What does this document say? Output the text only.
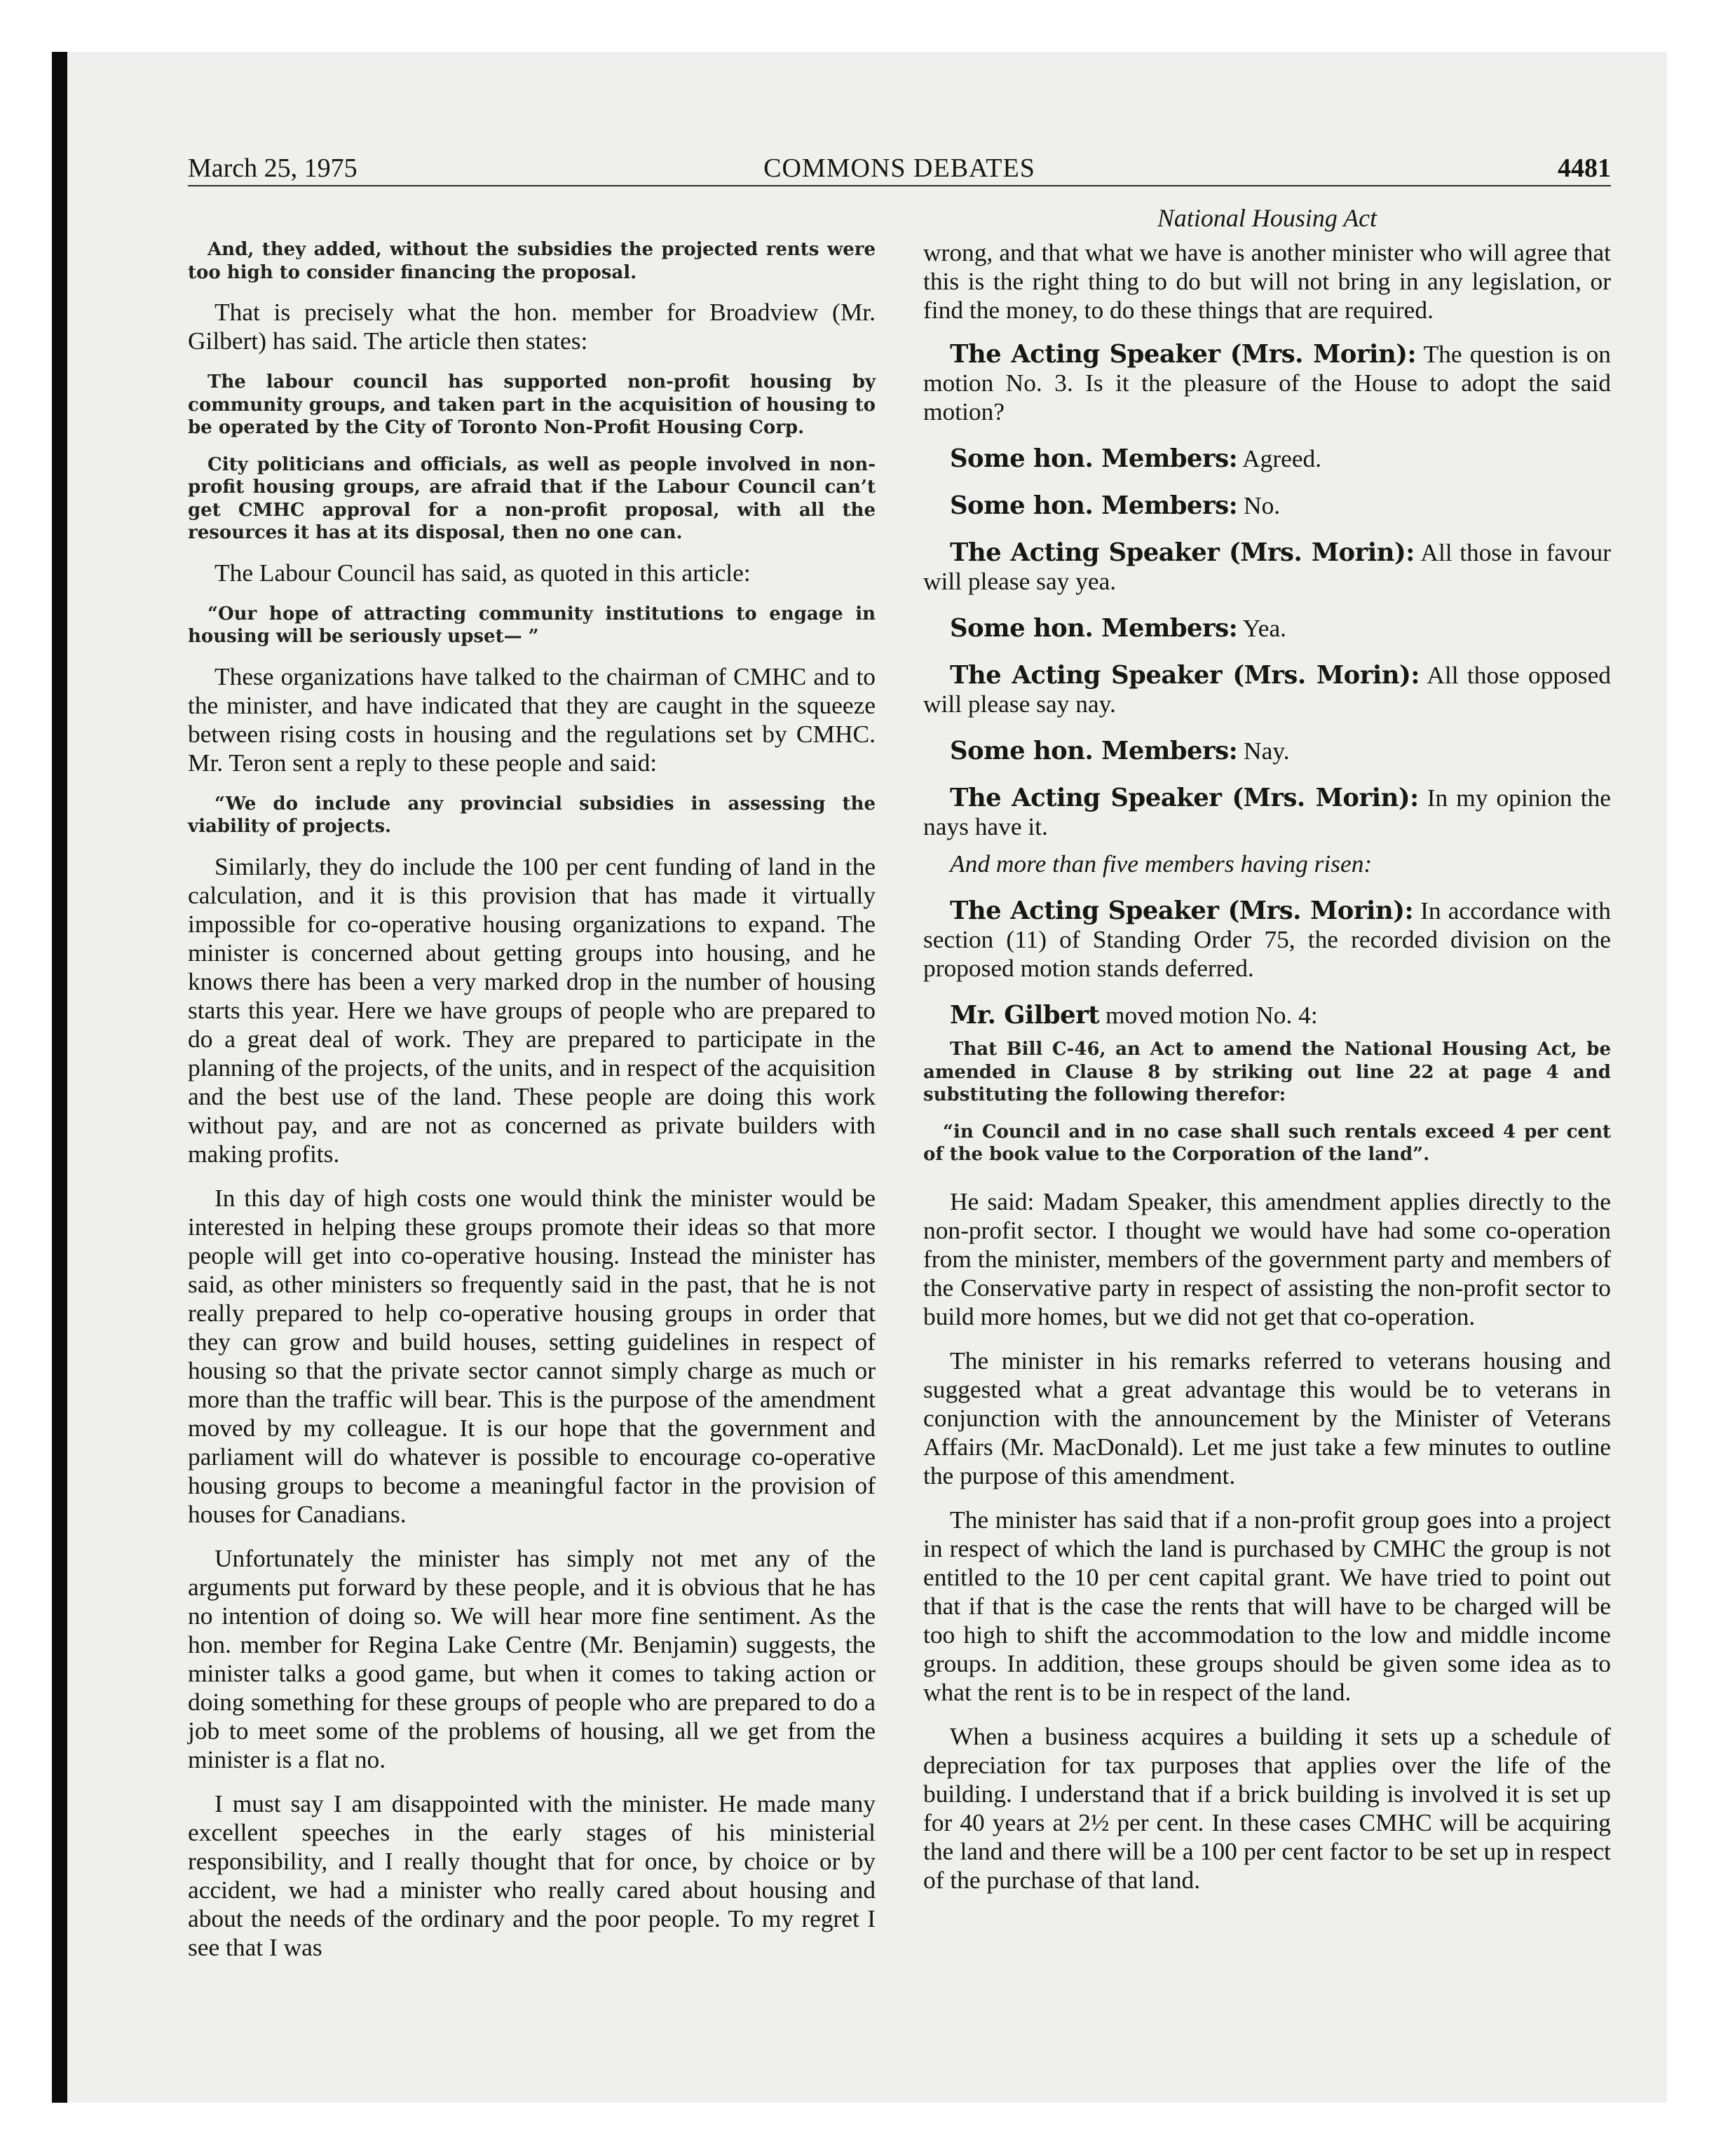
March 25, 1975	COMMONS DEBATES	4481
National Housing Act

And, they added, without the subsidies the projected rents were too high to consider financing the proposal.

That is precisely what the hon. member for Broadview (Mr. Gilbert) has said. The article then states:

The labour council has supported non-profit housing by community groups, and taken part in the acquisition of housing to be operated by the City of Toronto Non-Profit Housing Corp.

City politicians and officials, as well as people involved in non-profit housing groups, are afraid that if the Labour Council can’t get CMHC approval for a non-profit proposal, with all the resources it has at its disposal, then no one can.

The Labour Council has said, as quoted in this article:

“Our hope of attracting community institutions to engage in housing will be seriously upset— ”

These organizations have talked to the chairman of CMHC and to the minister, and have indicated that they are caught in the squeeze between rising costs in housing and the regulations set by CMHC. Mr. Teron sent a reply to these people and said:

“We do include any provincial subsidies in assessing the viability of projects.

Similarly, they do include the 100 per cent funding of land in the calculation, and it is this provision that has made it virtually impossible for co-operative housing organizations to expand. The minister is concerned about getting groups into housing, and he knows there has been a very marked drop in the number of housing starts this year. Here we have groups of people who are prepared to do a great deal of work. They are prepared to participate in the planning of the projects, of the units, and in respect of the acquisition and the best use of the land. These people are doing this work without pay, and are not as concerned as private builders with making profits.

In this day of high costs one would think the minister would be interested in helping these groups promote their ideas so that more people will get into co-operative housing. Instead the minister has said, as other ministers so frequently said in the past, that he is not really prepared to help co-operative housing groups in order that they can grow and build houses, setting guidelines in respect of housing so that the private sector cannot simply charge as much or more than the traffic will bear. This is the purpose of the amendment moved by my colleague. It is our hope that the government and parliament will do whatever is possible to encourage co-operative housing groups to become a meaningful factor in the provision of houses for Canadians.

Unfortunately the minister has simply not met any of the arguments put forward by these people, and it is obvious that he has no intention of doing so. We will hear more fine sentiment. As the hon. member for Regina Lake Centre (Mr. Benjamin) suggests, the minister talks a good game, but when it comes to taking action or doing something for these groups of people who are prepared to do a job to meet some of the problems of housing, all we get from the minister is a flat no.

I must say I am disappointed with the minister. He made many excellent speeches in the early stages of his ministerial responsibility, and I really thought that for once, by choice or by accident, we had a minister who really cared about housing and about the needs of the ordinary and the poor people. To my regret I see that I was

wrong, and that what we have is another minister who will agree that this is the right thing to do but will not bring in any legislation, or find the money, to do these things that are required.

The Acting Speaker (Mrs. Morin): The question is on motion No. 3. Is it the pleasure of the House to adopt the said motion?

Some hon. Members: Agreed.

Some hon. Members: No.

The Acting Speaker (Mrs. Morin): All those in favour will please say yea.

Some hon. Members: Yea.

The Acting Speaker (Mrs. Morin): All those opposed will please say nay.

Some hon. Members: Nay.

The Acting Speaker (Mrs. Morin): In my opinion the nays have it.

And more than five members having risen:

The Acting Speaker (Mrs. Morin): In accordance with section (11) of Standing Order 75, the recorded division on the proposed motion stands deferred.

Mr. Gilbert moved motion No. 4:

That Bill C-46, an Act to amend the National Housing Act, be amended in Clause 8 by striking out line 22 at page 4 and substituting the following therefor:

“in Council and in no case shall such rentals exceed 4 per cent of the book value to the Corporation of the land”.

He said: Madam Speaker, this amendment applies directly to the non-profit sector. I thought we would have had some co-operation from the minister, members of the government party and members of the Conservative party in respect of assisting the non-profit sector to build more homes, but we did not get that co-operation.

The minister in his remarks referred to veterans housing and suggested what a great advantage this would be to veterans in conjunction with the announcement by the Minister of Veterans Affairs (Mr. MacDonald). Let me just take a few minutes to outline the purpose of this amendment.

The minister has said that if a non-profit group goes into a project in respect of which the land is purchased by CMHC the group is not entitled to the 10 per cent capital grant. We have tried to point out that if that is the case the rents that will have to be charged will be too high to shift the accommodation to the low and middle income groups. In addition, these groups should be given some idea as to what the rent is to be in respect of the land.

When a business acquires a building it sets up a schedule of depreciation for tax purposes that applies over the life of the building. I understand that if a brick building is involved it is set up for 40 years at 2½ per cent. In these cases CMHC will be acquiring the land and there will be a 100 per cent factor to be set up in respect of the purchase of that land.
